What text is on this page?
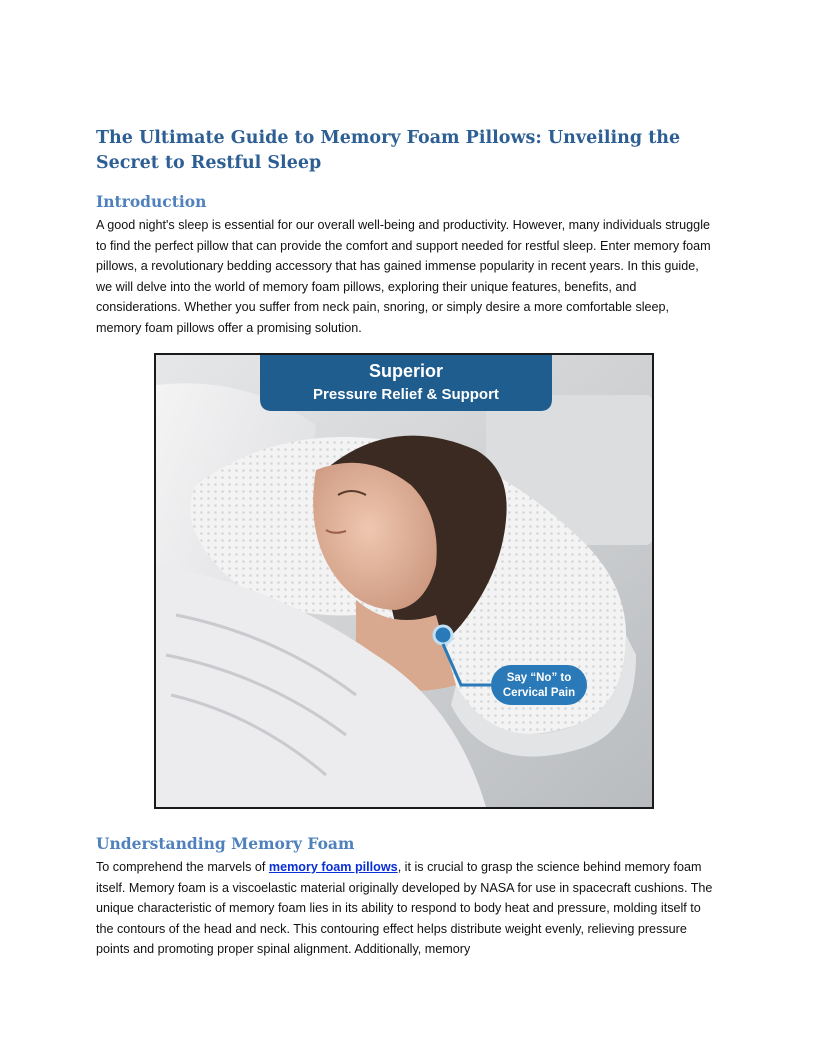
The Ultimate Guide to Memory Foam Pillows: Unveiling the Secret to Restful Sleep
Introduction

A good night's sleep is essential for our overall well-being and productivity. However, many individuals struggle to find the perfect pillow that can provide the comfort and support needed for restful sleep. Enter memory foam pillows, a revolutionary bedding accessory that has gained immense popularity in recent years. In this guide, we will delve into the world of memory foam pillows, exploring their unique features, benefits, and considerations. Whether you suffer from neck pain, snoring, or simply desire a more comfortable sleep, memory foam pillows offer a promising solution.

Understanding Memory Foam

To comprehend the marvels of memory foam pillows, it is crucial to grasp the science behind memory foam itself. Memory foam is a viscoelastic material originally developed by NASA for use in spacecraft cushions. The unique characteristic of memory foam lies in its ability to respond to body heat and pressure, molding itself to the contours of the head and neck. This contouring effect helps distribute weight evenly, relieving pressure points and promoting proper spinal alignment. Additionally, memory

Superior
Pressure Relief & Support
Say “No” to
Cervical Pain
